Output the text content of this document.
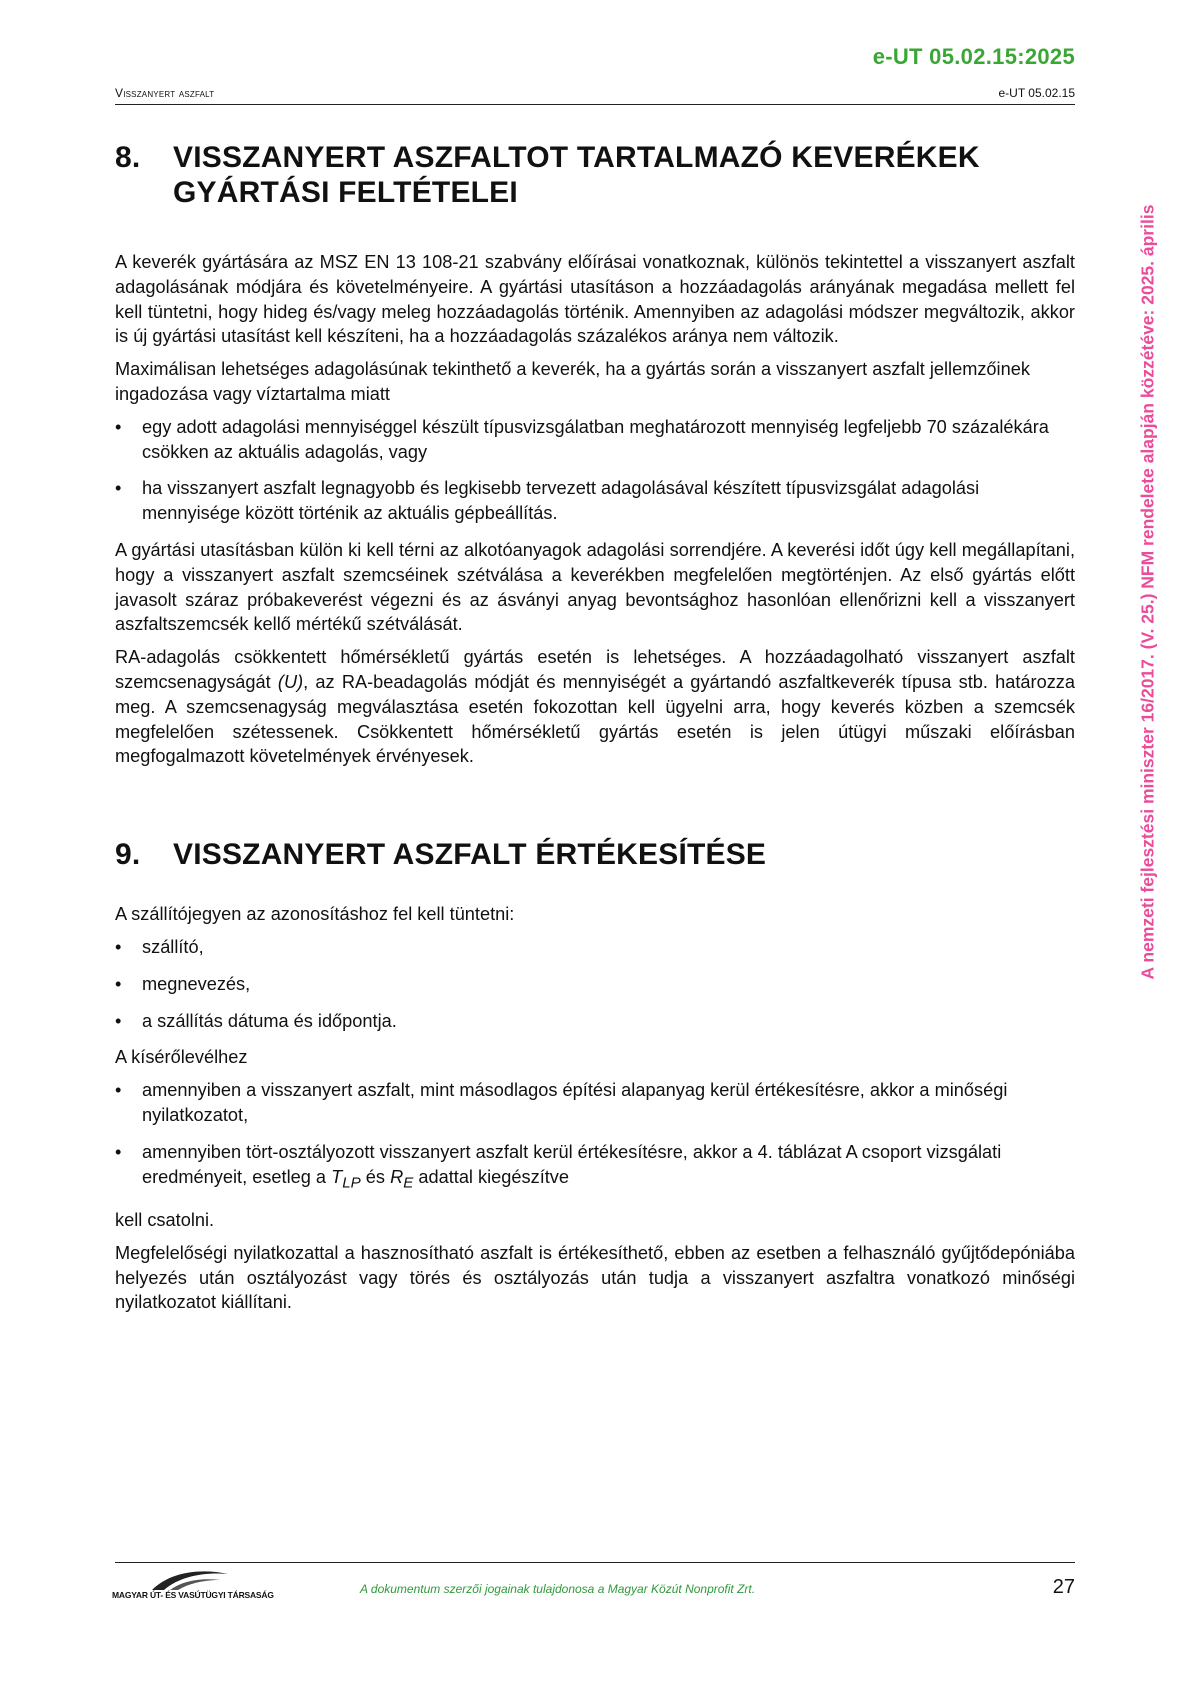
e-UT 05.02.15:2025
Visszanyert aszfalt	e-UT 05.02.15
A nemzeti fejlesztési miniszter 16/2017. (V. 25.) NFM rendelete alapján közzétéve: 2025. április
8.	VISSZANYERT ASZFALTOT TARTALMAZÓ KEVERÉKEK GYÁRTÁSI FELTÉTELEI

A keverék gyártására az MSZ EN 13 108-21 szabvány előírásai vonatkoznak, különös tekintettel a visszanyert aszfalt adagolásának módjára és követelményeire. A gyártási utasításon a hozzáadagolás arányának megadása mellett fel kell tüntetni, hogy hideg és/vagy meleg hozzáadagolás történik. Amennyiben az adagolási módszer megváltozik, akkor is új gyártási utasítást kell készíteni, ha a hozzáadagolás százalékos aránya nem változik.

Maximálisan lehetséges adagolásúnak tekinthető a keverék, ha a gyártás során a visszanyert aszfalt jellemzőinek ingadozása vagy víztartalma miatt

• egy adott adagolási mennyiséggel készült típusvizsgálatban meghatározott mennyiség legfeljebb 70 százalékára csökken az aktuális adagolás, vagy
• ha visszanyert aszfalt legnagyobb és legkisebb tervezett adagolásával készített típusvizsgálat adagolási mennyisége között történik az aktuális gépbeállítás.

A gyártási utasításban külön ki kell térni az alkotóanyagok adagolási sorrendjére. A keverési időt úgy kell megállapítani, hogy a visszanyert aszfalt szemcséinek szétválása a keverékben megfelelően megtörténjen. Az első gyártás előtt javasolt száraz próbakeverést végezni és az ásványi anyag bevontsághoz hasonlóan ellenőrizni kell a visszanyert aszfaltszemcsék kellő mértékű szétválását.

RA-adagolás csökkentett hőmérsékletű gyártás esetén is lehetséges. A hozzáadagolható visszanyert aszfalt szemcsenagyságát (U), az RA-beadagolás módját és mennyiségét a gyártandó aszfaltkeverék típusa stb. határozza meg. A szemcsenagyság megválasztása esetén fokozottan kell ügyelni arra, hogy keverés közben a szemcsék megfelelően szétessenek. Csökkentett hőmérsékletű gyártás esetén is jelen útügyi műszaki előírásban megfogalmazott követelmények érvényesek.

9.	VISSZANYERT ASZFALT ÉRTÉKESÍTÉSE

A szállítójegyen az azonosításhoz fel kell tüntetni:

• szállító,
• megnevezés,
• a szállítás dátuma és időpontja.

A kísérőlevélhez

• amennyiben a visszanyert aszfalt, mint másodlagos építési alapanyag kerül értékesítésre, akkor a minőségi nyilatkozatot,
• amennyiben tört-osztályozott visszanyert aszfalt kerül értékesítésre, akkor a 4. táblázat A csoport vizsgálati eredményeit, esetleg a $T_{LP}$ és $R_E$ adattal kiegészítve

kell csatolni.

Megfelelőségi nyilatkozattal a hasznosítható aszfalt is értékesíthető, ebben az esetben a felhasználó gyűjtődepóniába helyezés után osztályozást vagy törés és osztályozás után tudja a visszanyert aszfaltra vonatkozó minőségi nyilatkozatot kiállítani.

MAGYAR ÚT- ÉS VASÚTÜGYI TÁRSASÁG	A dokumentum szerzői jogainak tulajdonosa a Magyar Közút Nonprofit Zrt.	27
